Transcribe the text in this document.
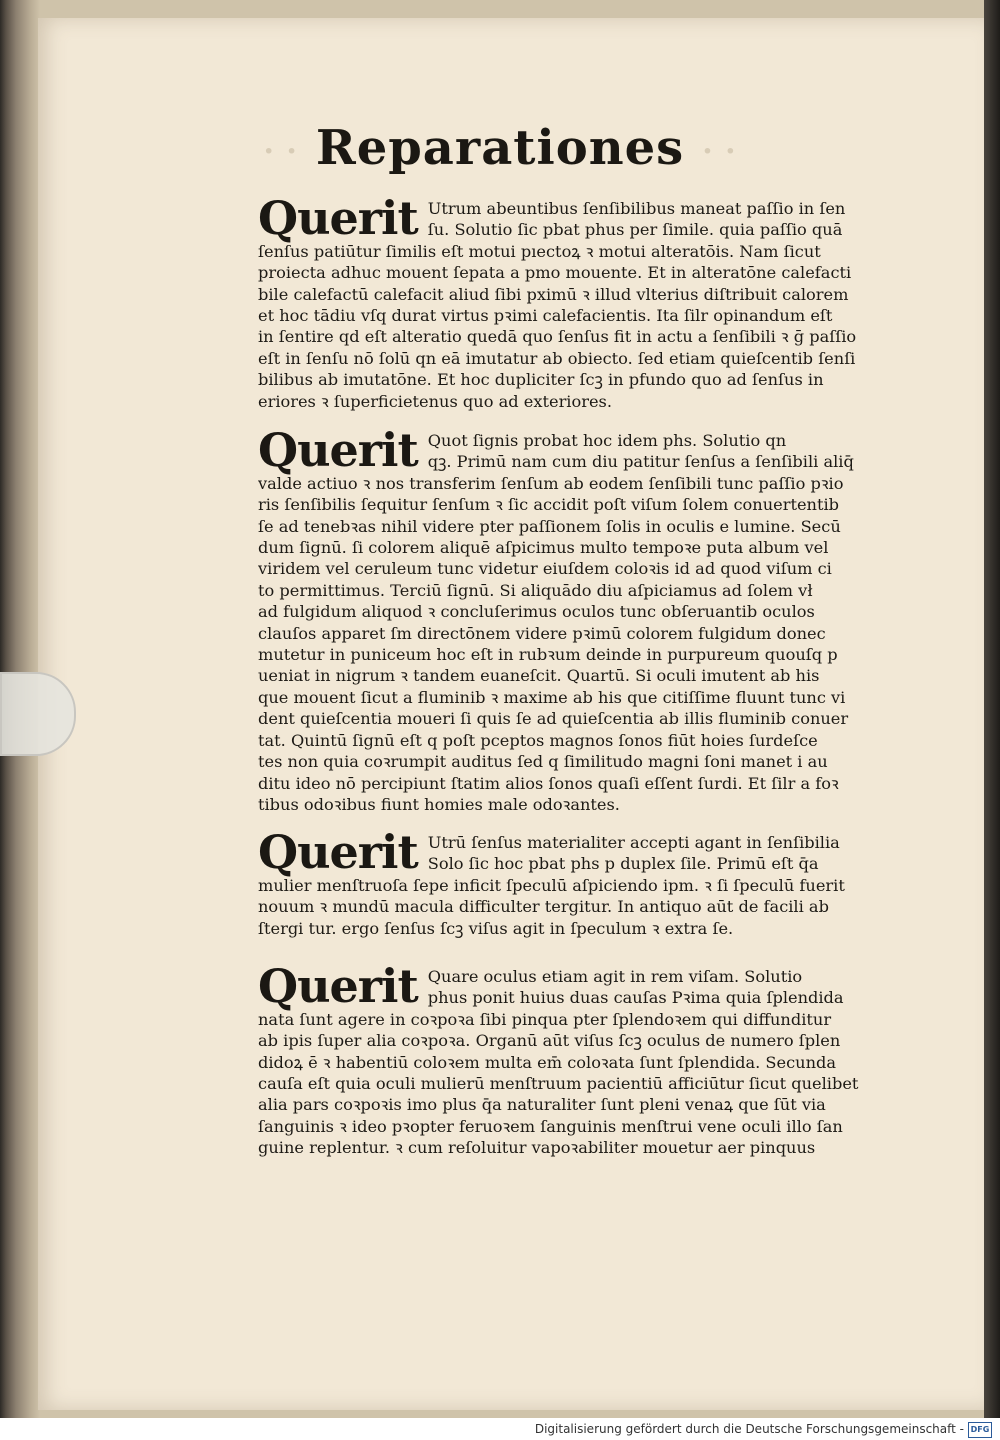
· · Reparationes · ·
Querit Utrum abeuntibus ſenſibilibus maneat paſſio in ſen
ſu. Solutio ſic pbat phus per ſimile. quia paſſio quā
ſenſus patiūtur ſimilis eſt motui pıectoꝝ ꝛ motui alteratōis. Nam ſicut
proiecta adhuc mouent ſepata a pmo mouente. Et in alteratōne calefacti
bile calefactū calefacit aliud ſibi pximū ꝛ illud vlterius diſtribuit calorem
et hoc tādiu vſq durat virtus pꝛimi calefacientis. Ita ſilr opinandum eſt
in ſentire qd eſt alteratio quedā quo ſenſus fit in actu a ſenſibili ꝛ ḡ paſſio
eſt in ſenſu nō ſolū qn eā imutatur ab obiecto. ſed etiam quieſcentib ſenſi
bilibus ab imutatōne. Et hoc dupliciter ſcꝫ in pfundo quo ad ſenſus in
eriores ꝛ ſuperficietenus quo ad exteriores.
Querit Quot ſignis probat hoc idem phs. Solutio qn
qꝫ. Primū nam cum diu patitur ſenſus a ſenſibili aliq̄
valde actiuo ꝛ nos transferim ſenſum ab eodem ſenſibili tunc paſſio pꝛio
ris ſenſibilis ſequitur ſenſum ꝛ ſic accidit poſt viſum ſolem conuertentib
ſe ad tenebꝛas nihil videre pter paſſionem ſolis in oculis e lumine. Secū
dum ſignū. ſi colorem aliquē aſpicimus multo tempoꝛe puta album vel
viridem vel ceruleum tunc videtur eiuſdem coloꝛis id ad quod viſum ci
to permittimus. Terciū ſignū. Si aliquādo diu aſpiciamus ad ſolem vł
ad fulgidum aliquod ꝛ concluſerimus oculos tunc obſeruantib oculos
clauſos apparet ſm directōnem videre pꝛimū colorem fulgidum donec
mutetur in puniceum hoc eſt in rubꝛum deinde in purpureum quouſq p
ueniat in nigrum ꝛ tandem euaneſcit. Quartū. Si oculi imutent ab his
que mouent ſicut a fluminib ꝛ maxime ab his que citiſſime fluunt tunc vi
dent quieſcentia moueri ſi quis ſe ad quieſcentia ab illis fluminib conuer
tat. Quintū ſignū eſt q poſt pceptos magnos ſonos fiūt hoies ſurdeſce
tes non quia coꝛrumpit auditus ſed q ſimilitudo magni ſoni manet i au
ditu ideo nō percipiunt ſtatim alios ſonos quaſi eſſent ſurdi. Et ſilr a foꝛ
tibus odoꝛibus fiunt homies male odoꝛantes.
Querit Utrū ſenſus materialiter accepti agant in ſenſibilia
Solo ſic hoc pbat phs p duplex ſile. Primū eſt q̄a
mulier menſtruoſa ſepe inficit ſpeculū aſpiciendo ipm. ꝛ ſi ſpeculū fuerit
nouum ꝛ mundū macula difficulter tergitur. In antiquo aūt de facili ab
ſtergi tur. ergo ſenſus ſcꝫ viſus agit in ſpeculum ꝛ extra ſe.
Querit Quare oculus etiam agit in rem viſam. Solutio
phus ponit huius duas cauſas Pꝛima quia ſplendida
nata ſunt agere in coꝛpoꝛa ſibi pinqua pter ſplendoꝛem qui diffunditur
ab ipis ſuper alia coꝛpoꝛa. Organū aūt viſus ſcꝫ oculus de numero ſplen
didoꝝ ē ꝛ habentiū coloꝛem multa em̄ coloꝛata ſunt ſplendida. Secunda
cauſa eſt quia oculi mulierū menſtruum pacientiū afficiūtur ſicut quelibet
alia pars coꝛpoꝛis imo plus q̄a naturaliter ſunt pleni venaꝝ que ſūt via
ſanguinis ꝛ ideo pꝛopter feruoꝛem ſanguinis menſtrui vene oculi illo ſan
guine replentur. ꝛ cum reſoluitur vapoꝛabiliter mouetur aer pinquus
Digitalisierung gefördert durch die Deutsche Forschungsgemeinschaft - DFG
